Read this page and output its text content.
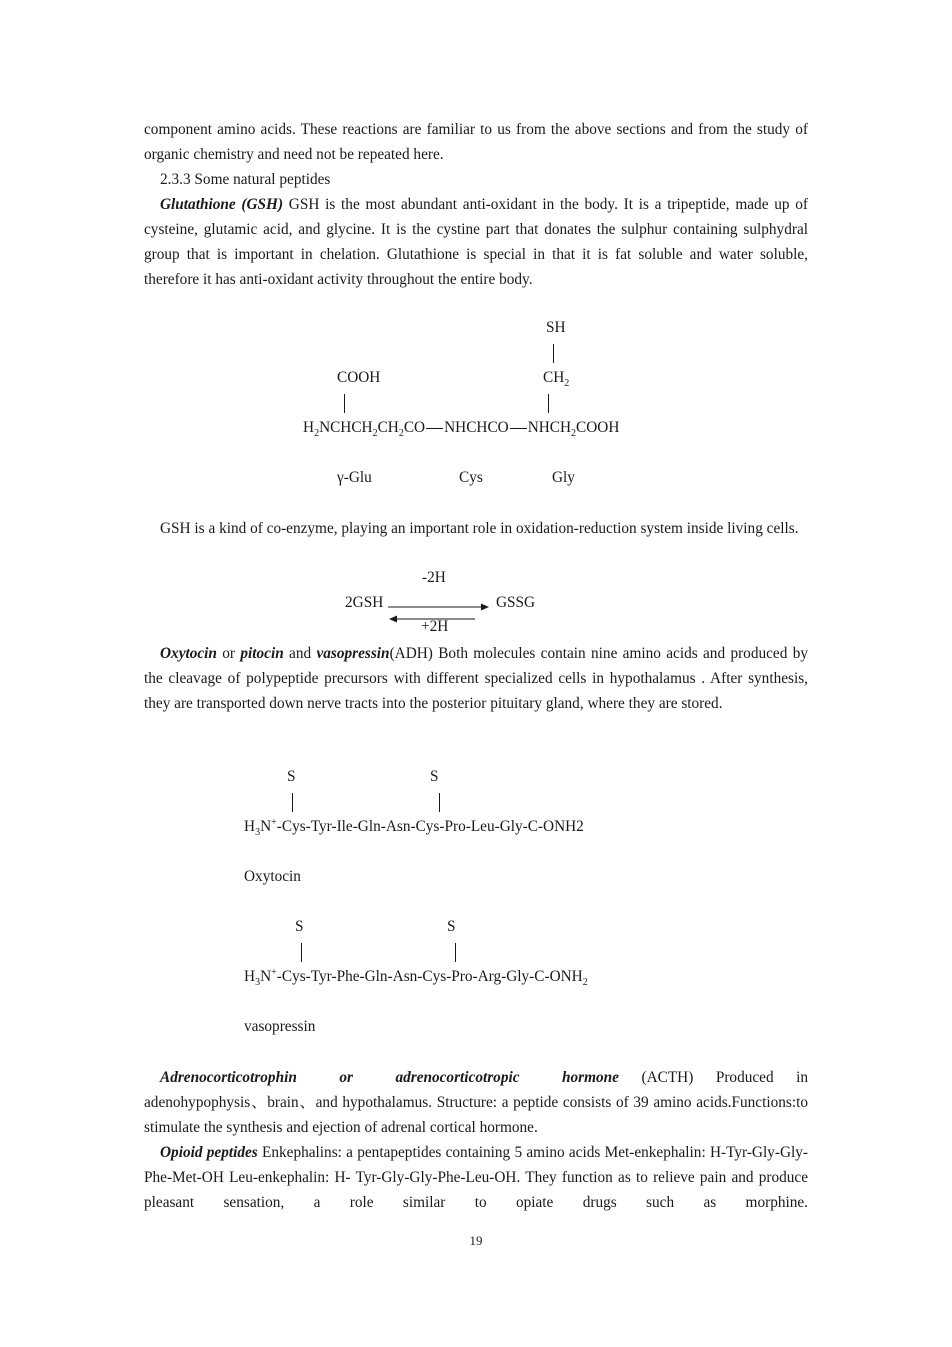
component amino acids. These reactions are familiar to us from the above sections and from the study of organic chemistry and need not be repeated here.

2.3.3 Some natural peptides

Glutathione (GSH) GSH is the most abundant anti-oxidant in the body. It is a tripeptide, made up of cysteine, glutamic acid, and glycine. It is the cystine part that donates the sulphur containing sulphydral group that is important in chelation. Glutathione is special in that it is fat soluble and water soluble, therefore it has anti-oxidant activity throughout the entire body.

SH
COOH	$CH_2$
$H_2NCHCH_2CH_2CO$ NHCHCO $NHCH_2COOH$
γ-Glu	Cys	Gly

GSH is a kind of co-enzyme, playing an important role in oxidation-reduction system inside living cells.

-2H
2GSH	GSSG
+2H

Oxytocin or pitocin and vasopressin(ADH) Both molecules contain nine amino acids and produced by the cleavage of polypeptide precursors with different specialized cells in hypothalamus . After synthesis, they are transported down nerve tracts into the posterior pituitary gland, where they are stored.

S	S
$H_3N^+-Cys-Tyr-Ile-Gln-Asn-Cys-Pro-Leu-Gly-C-ONH2$
Oxytocin
S	S
$H_3N^+-Cys-Tyr-Phe-Gln-Asn-Cys-Pro-Arg-Gly-C-ONH_2$
vasopressin

Adrenocorticotrophin or adrenocorticotropic hormone (ACTH) Produced in adenohypophysis、brain、and hypothalamus. Structure: a peptide consists of 39 amino acids.Functions:to stimulate the synthesis and ejection of adrenal cortical hormone.

Opioid peptides Enkephalins: a pentapeptides containing 5 amino acids Met-enkephalin: H-Tyr-Gly-Gly-Phe-Met-OH Leu-enkephalin: H- Tyr-Gly-Gly-Phe-Leu-OH. They function as to relieve pain and produce pleasant sensation, a role similar to opiate drugs such as morphine.

19
